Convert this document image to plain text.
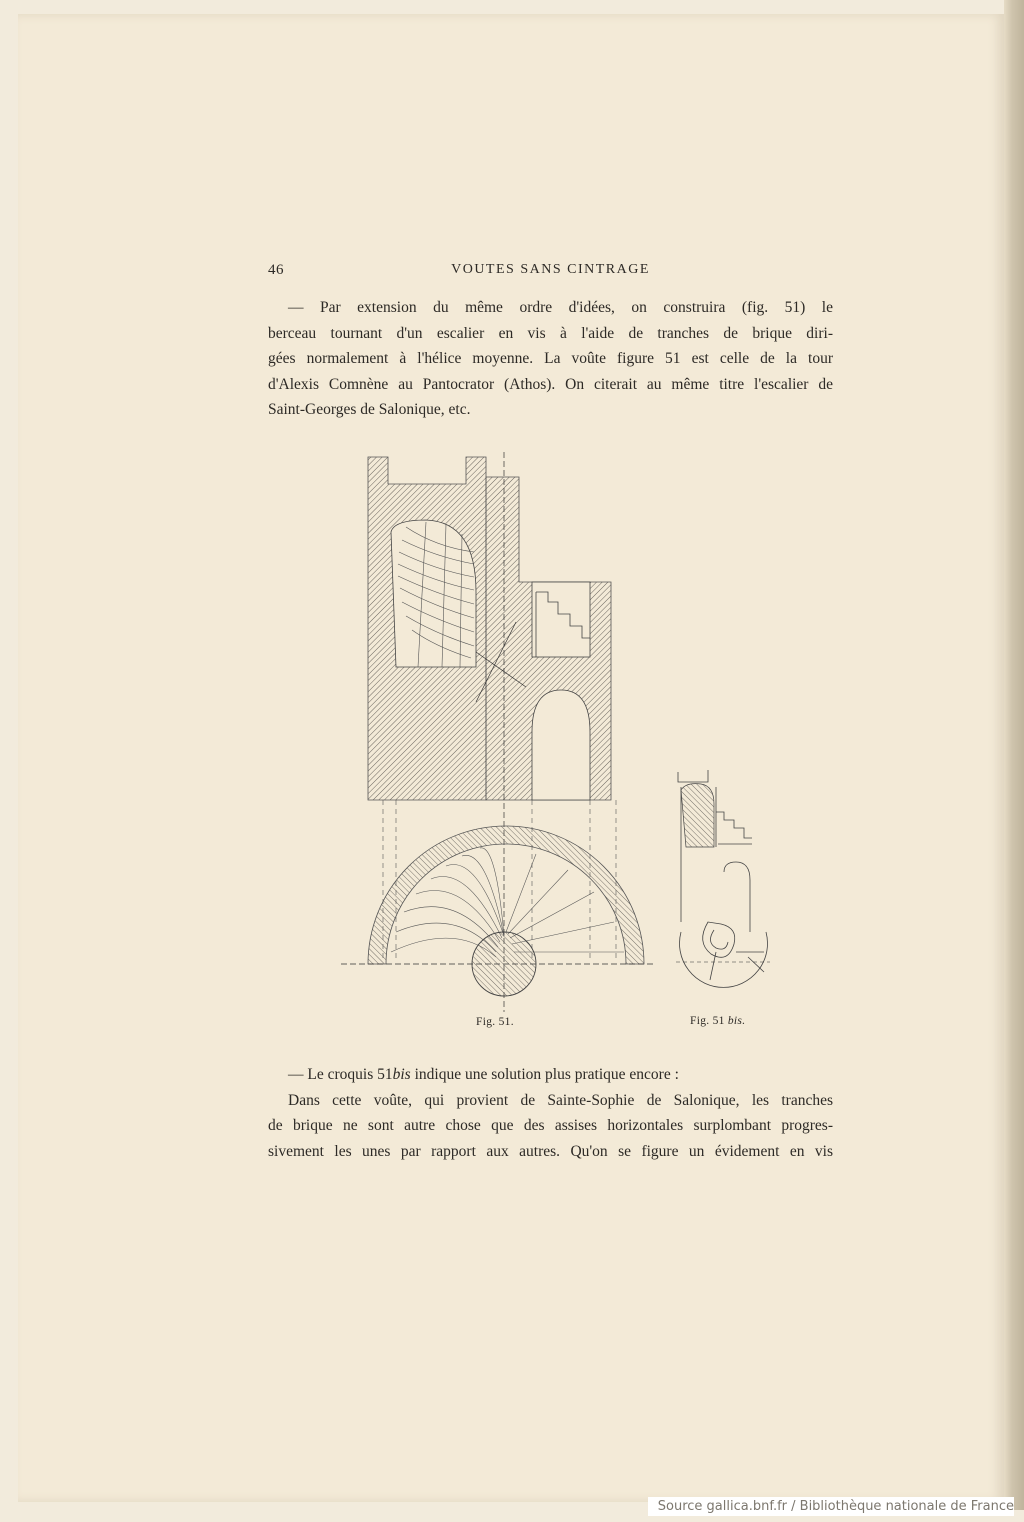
46	VOUTES SANS CINTRAGE
— Par extension du même ordre d'idées, on construira (fig. 51) le
berceau tournant d'un escalier en vis à l'aide de tranches de brique diri-
gées normalement à l'hélice moyenne. La voûte figure 51 est celle de la tour
d'Alexis Comnène au Pantocrator (Athos). On citerait au même titre l'escalier de
Saint-Georges de Salonique, etc.
Fig. 51.	Fig. 51 bis.
— Le croquis 51bis indique une solution plus pratique encore :
Dans cette voûte, qui provient de Sainte-Sophie de Salonique, les tranches
de brique ne sont autre chose que des assises horizontales surplombant progres-
sivement les unes par rapport aux autres. Qu'on se figure un évidement en vis
Source gallica.bnf.fr / Bibliothèque nationale de France
